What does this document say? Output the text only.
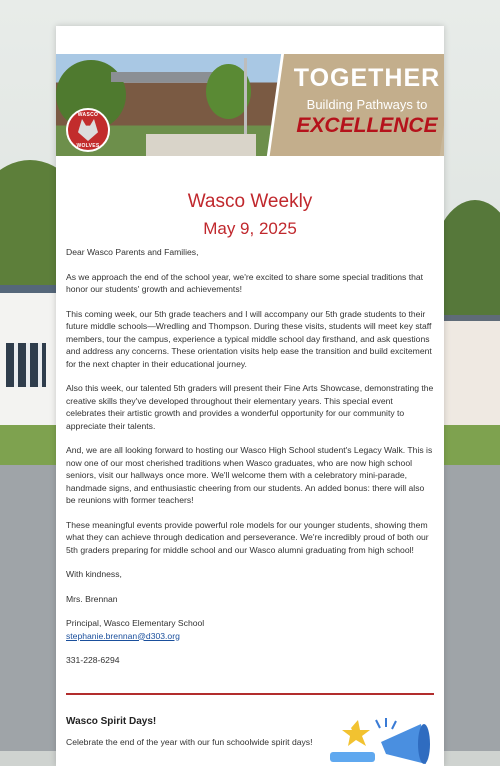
WASCO
WOLVES
TOGETHER
Building Pathways to
EXCELLENCE
Wasco Weekly
May 9, 2025

Dear Wasco Parents and Families,

As we approach the end of the school year, we're excited to share some special traditions that honor our students' growth and achievements!

This coming week, our 5th grade teachers and I will accompany our 5th grade students to their future middle schools—Wredling and Thompson. During these visits, students will meet key staff members, tour the campus, experience a typical middle school day firsthand, and ask questions and address any concerns. These orientation visits help ease the transition and build excitement for the next chapter in their educational journey.

Also this week, our talented 5th graders will present their Fine Arts Showcase, demonstrating the creative skills they've developed throughout their elementary years. This special event celebrates their artistic growth and provides a wonderful opportunity for our community to appreciate their talents.

And, we are all looking forward to hosting our Wasco High School student's Legacy Walk. This is now one of our most cherished traditions when Wasco graduates, who are now high school seniors, visit our hallways once more. We'll welcome them with a celebratory mini-parade, handmade signs, and enthusiastic cheering from our students. An added bonus: there will also be reunions with former teachers!

These meaningful events provide powerful role models for our younger students, showing them what they can achieve through dedication and perseverance. We're incredibly proud of both our 5th graders preparing for middle school and our Wasco alumni graduating from high school!

With kindness,

Mrs. Brennan

Principal, Wasco Elementary School

stephanie.brennan@d303.org

331-228-6294

Wasco Spirit Days!
Celebrate the end of the year with our fun schoolwide spirit days!
